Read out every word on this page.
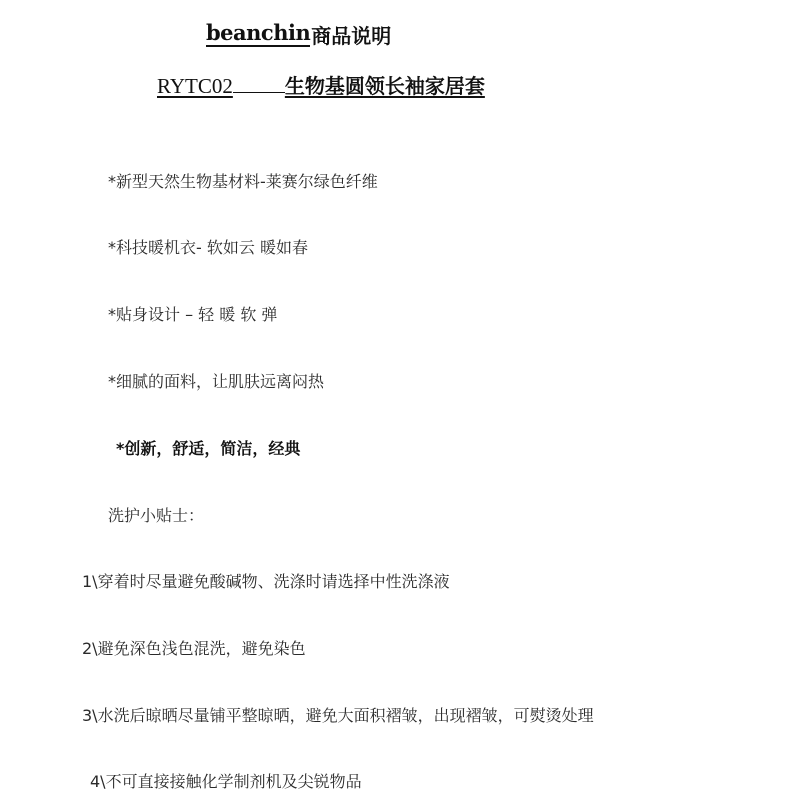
beanchin 商品说明
RYTC02	生物基圆领长袖家居套
*新型天然生物基材料-莱赛尔绿色纤维
*科技暖机衣- 软如云 暖如春
*贴身设计 – 轻 暖 软 弹
*细腻的面料，让肌肤远离闷热
*创新，舒适，简洁，经典
洗护小贴士：
1\穿着时尽量避免酸碱物、洗涤时请选择中性洗涤液
2\避免深色浅色混洗，避免染色
3\水洗后晾晒尽量铺平整晾晒，避免大面积褶皱，出现褶皱，可熨烫处理
4\不可直接接触化学制剂机及尖锐物品
